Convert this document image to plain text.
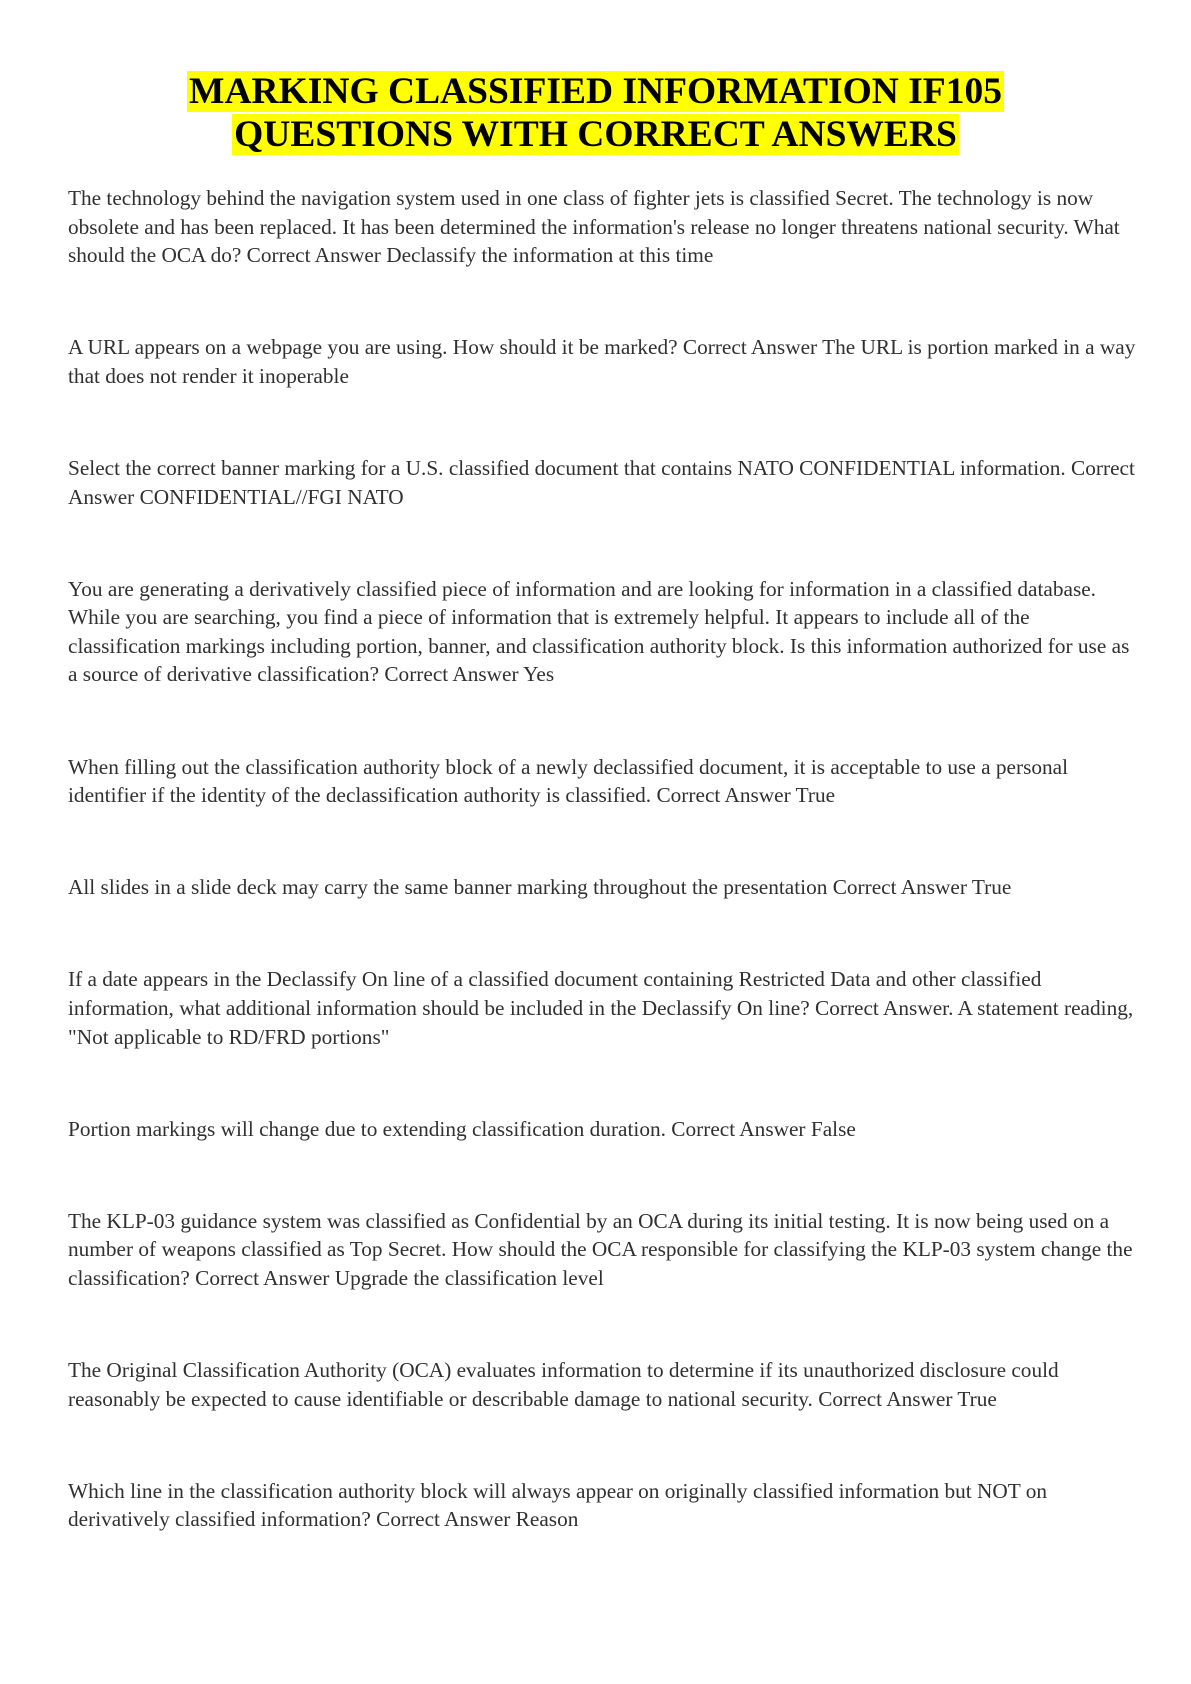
MARKING CLASSIFIED INFORMATION IF105
QUESTIONS WITH CORRECT ANSWERS

The technology behind the navigation system used in one class of fighter jets is classified Secret. The technology is now obsolete and has been replaced. It has been determined the information's release no longer threatens national security. What should the OCA do? Correct Answer Declassify the information at this time

A URL appears on a webpage you are using. How should it be marked? Correct Answer The URL is portion marked in a way that does not render it inoperable

Select the correct banner marking for a U.S. classified document that contains NATO CONFIDENTIAL information. Correct Answer CONFIDENTIAL//FGI NATO

You are generating a derivatively classified piece of information and are looking for information in a classified database. While you are searching, you find a piece of information that is extremely helpful. It appears to include all of the classification markings including portion, banner, and classification authority block. Is this information authorized for use as a source of derivative classification? Correct Answer Yes

When filling out the classification authority block of a newly declassified document, it is acceptable to use a personal identifier if the identity of the declassification authority is classified. Correct Answer True

All slides in a slide deck may carry the same banner marking throughout the presentation Correct Answer True

If a date appears in the Declassify On line of a classified document containing Restricted Data and other classified information, what additional information should be included in the Declassify On line? Correct Answer. A statement reading, "Not applicable to RD/FRD portions"

Portion markings will change due to extending classification duration. Correct Answer False

The KLP-03 guidance system was classified as Confidential by an OCA during its initial testing. It is now being used on a number of weapons classified as Top Secret. How should the OCA responsible for classifying the KLP-03 system change the classification? Correct Answer Upgrade the classification level

The Original Classification Authority (OCA) evaluates information to determine if its unauthorized disclosure could reasonably be expected to cause identifiable or describable damage to national security. Correct Answer True

Which line in the classification authority block will always appear on originally classified information but NOT on derivatively classified information? Correct Answer Reason
